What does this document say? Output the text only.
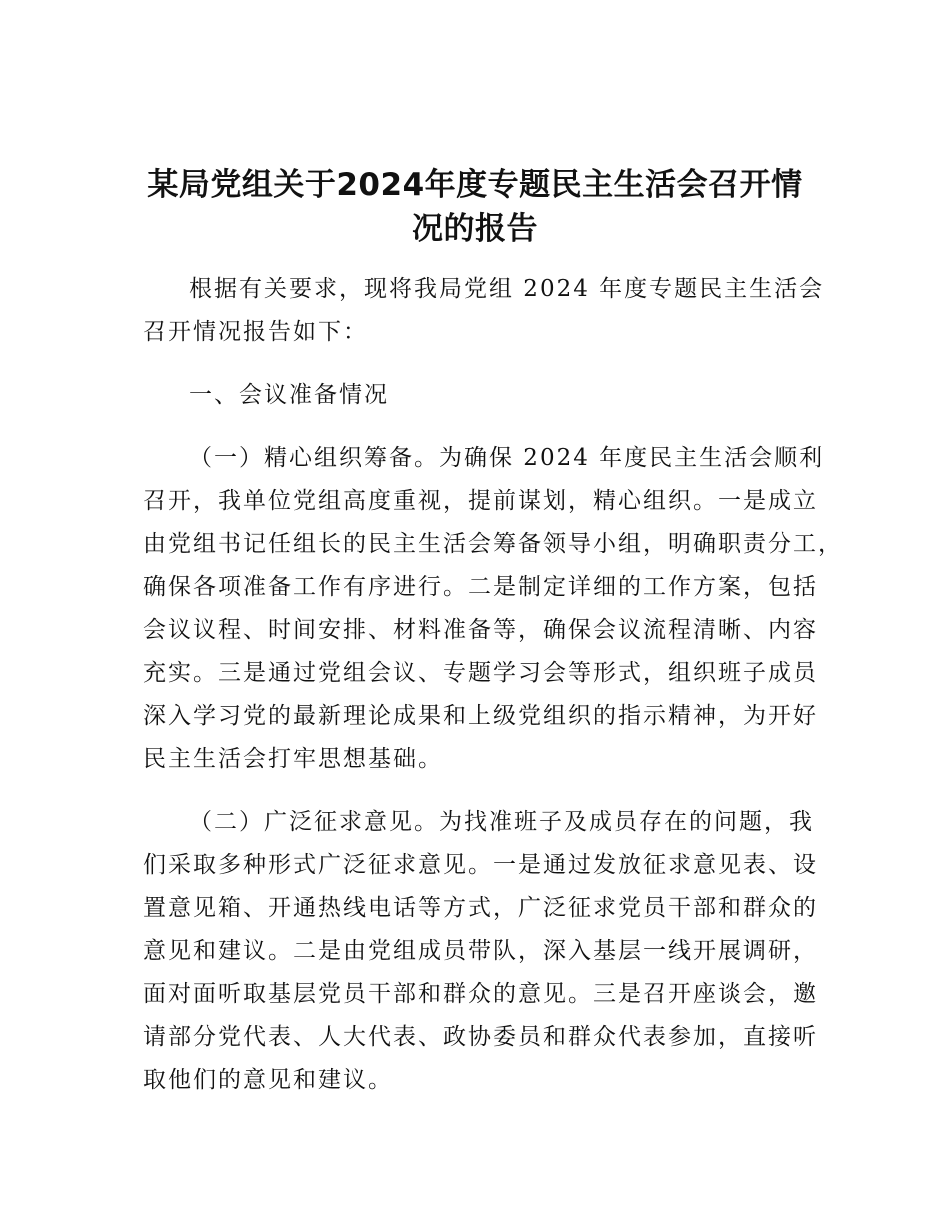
某局党组关于2024年度专题民主生活会召开情
况的报告

根据有关要求，现将我局党组 2024 年度专题民主生活会
召开情况报告如下：

一、会议准备情况

（一）精心组织筹备。为确保 2024 年度民主生活会顺利
召开，我单位党组高度重视，提前谋划，精心组织。一是成立
由党组书记任组长的民主生活会筹备领导小组，明确职责分工，
确保各项准备工作有序进行。二是制定详细的工作方案，包括
会议议程、时间安排、材料准备等，确保会议流程清晰、内容
充实。三是通过党组会议、专题学习会等形式，组织班子成员
深入学习党的最新理论成果和上级党组织的指示精神，为开好
民主生活会打牢思想基础。

（二）广泛征求意见。为找准班子及成员存在的问题，我
们采取多种形式广泛征求意见。一是通过发放征求意见表、设
置意见箱、开通热线电话等方式，广泛征求党员干部和群众的
意见和建议。二是由党组成员带队，深入基层一线开展调研，
面对面听取基层党员干部和群众的意见。三是召开座谈会，邀
请部分党代表、人大代表、政协委员和群众代表参加，直接听
取他们的意见和建议。
